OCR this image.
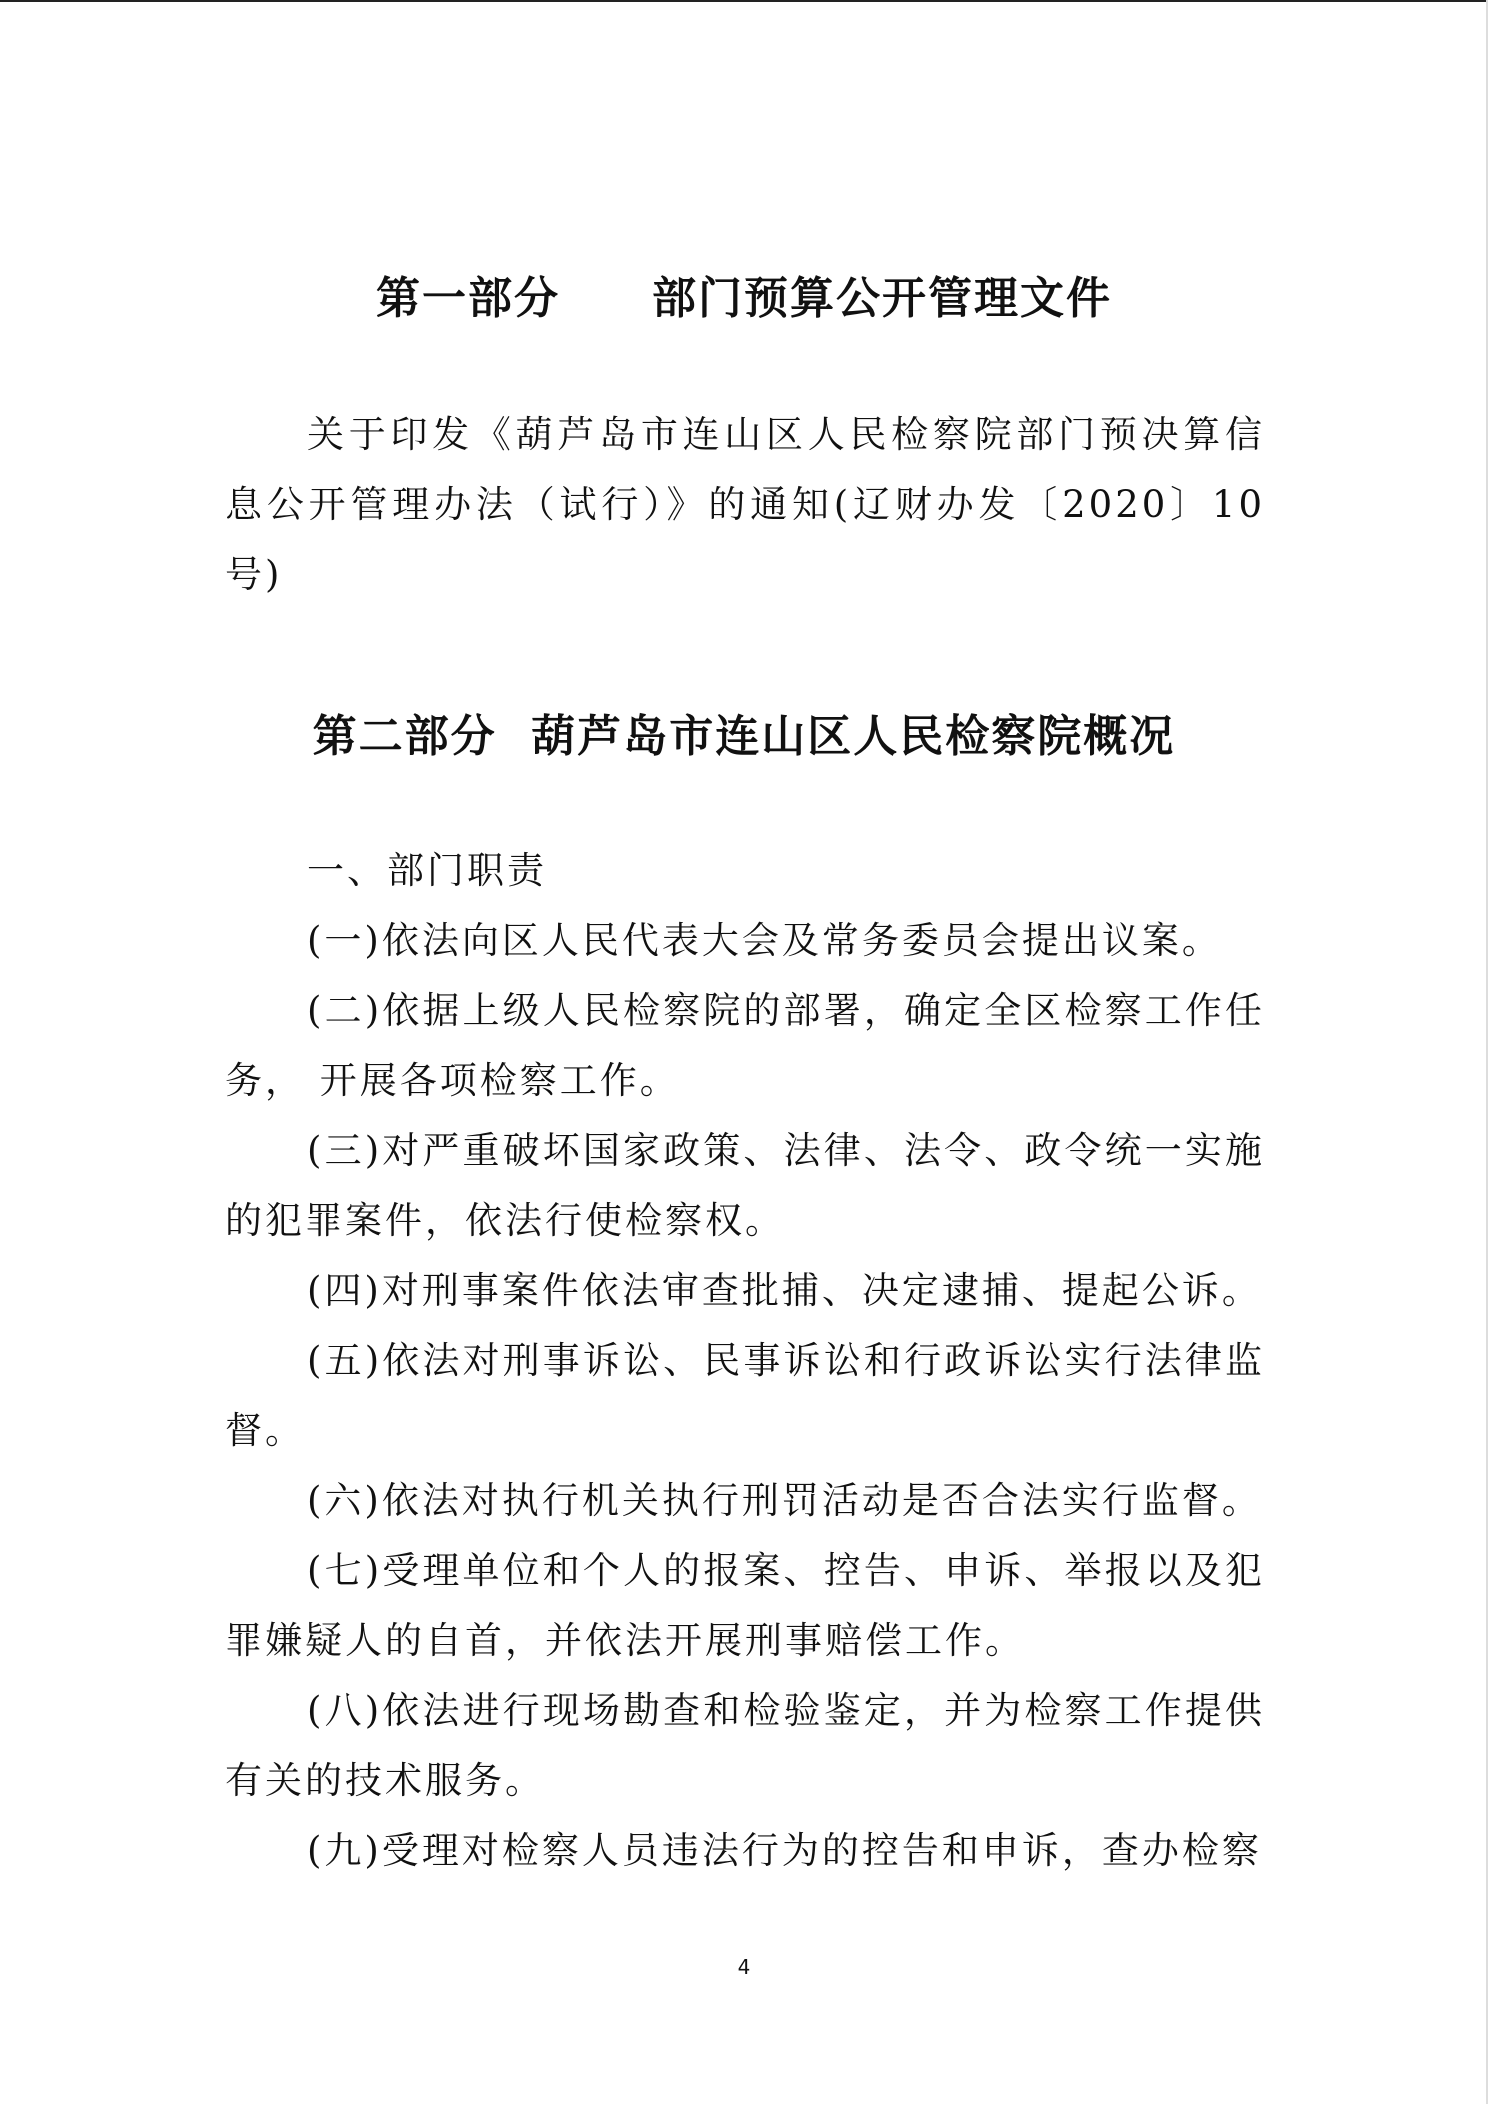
第一部分　　部门预算公开管理文件

关于印发《葫芦岛市连山区人民检察院部门预决算信息公开管理办法（试行）》的通知(辽财办发〔2020〕10号)

第二部分  葫芦岛市连山区人民检察院概况

一、部门职责

(一)依法向区人民代表大会及常务委员会提出议案。

(二)依据上级人民检察院的部署，确定全区检察工作任务， 开展各项检察工作。

(三)对严重破坏国家政策、法律、法令、政令统一实施的犯罪案件，依法行使检察权。

(四)对刑事案件依法审查批捕、决定逮捕、提起公诉。

(五)依法对刑事诉讼、民事诉讼和行政诉讼实行法律监督。

(六)依法对执行机关执行刑罚活动是否合法实行监督。

(七)受理单位和个人的报案、控告、申诉、举报以及犯罪嫌疑人的自首，并依法开展刑事赔偿工作。

(八)依法进行现场勘查和检验鉴定，并为检察工作提供有关的技术服务。

(九)受理对检察人员违法行为的控告和申诉，查办检察

4
